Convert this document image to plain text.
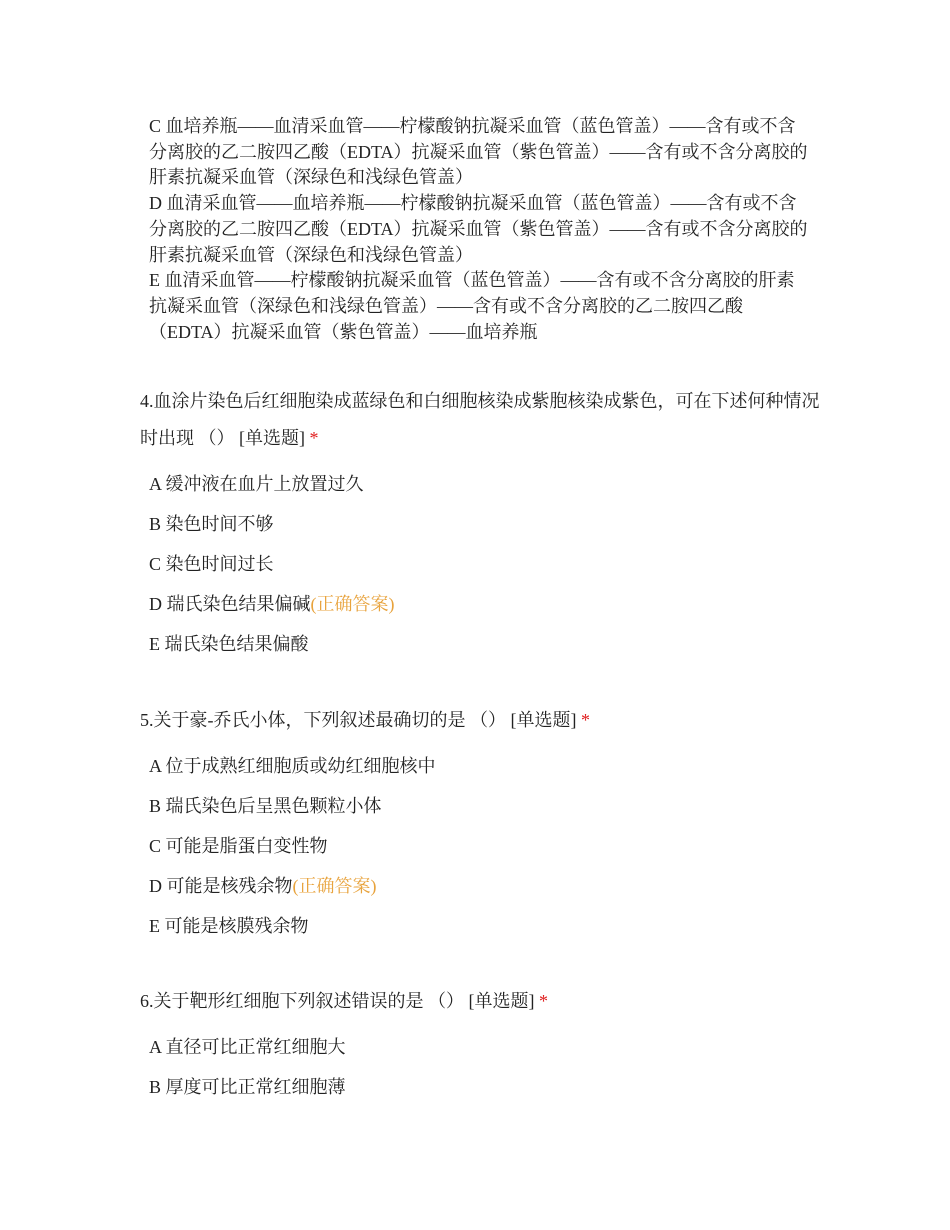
C 血培养瓶——血清采血管——柠檬酸钠抗凝采血管（蓝色管盖）——含有或不含分离胶的乙二胺四乙酸（EDTA）抗凝采血管（紫色管盖）——含有或不含分离胶的肝素抗凝采血管（深绿色和浅绿色管盖）
D 血清采血管——血培养瓶——柠檬酸钠抗凝采血管（蓝色管盖）——含有或不含分离胶的乙二胺四乙酸（EDTA）抗凝采血管（紫色管盖）——含有或不含分离胶的肝素抗凝采血管（深绿色和浅绿色管盖）
E 血清采血管——柠檬酸钠抗凝采血管（蓝色管盖）——含有或不含分离胶的肝素抗凝采血管（深绿色和浅绿色管盖）——含有或不含分离胶的乙二胺四乙酸（EDTA）抗凝采血管（紫色管盖）——血培养瓶
4.血涂片染色后红细胞染成蓝绿色和白细胞核染成紫胞核染成紫色，可在下述何种情况时出现 （） [单选题] *
A 缓冲液在血片上放置过久
B 染色时间不够
C 染色时间过长
D 瑞氏染色结果偏碱(正确答案)
E 瑞氏染色结果偏酸
5.关于豪-乔氏小体，下列叙述最确切的是 （） [单选题] *
A 位于成熟红细胞质或幼红细胞核中
B 瑞氏染色后呈黑色颗粒小体
C 可能是脂蛋白变性物
D 可能是核残余物(正确答案)
E 可能是核膜残余物
6.关于靶形红细胞下列叙述错误的是 （） [单选题] *
A 直径可比正常红细胞大
B 厚度可比正常红细胞薄
